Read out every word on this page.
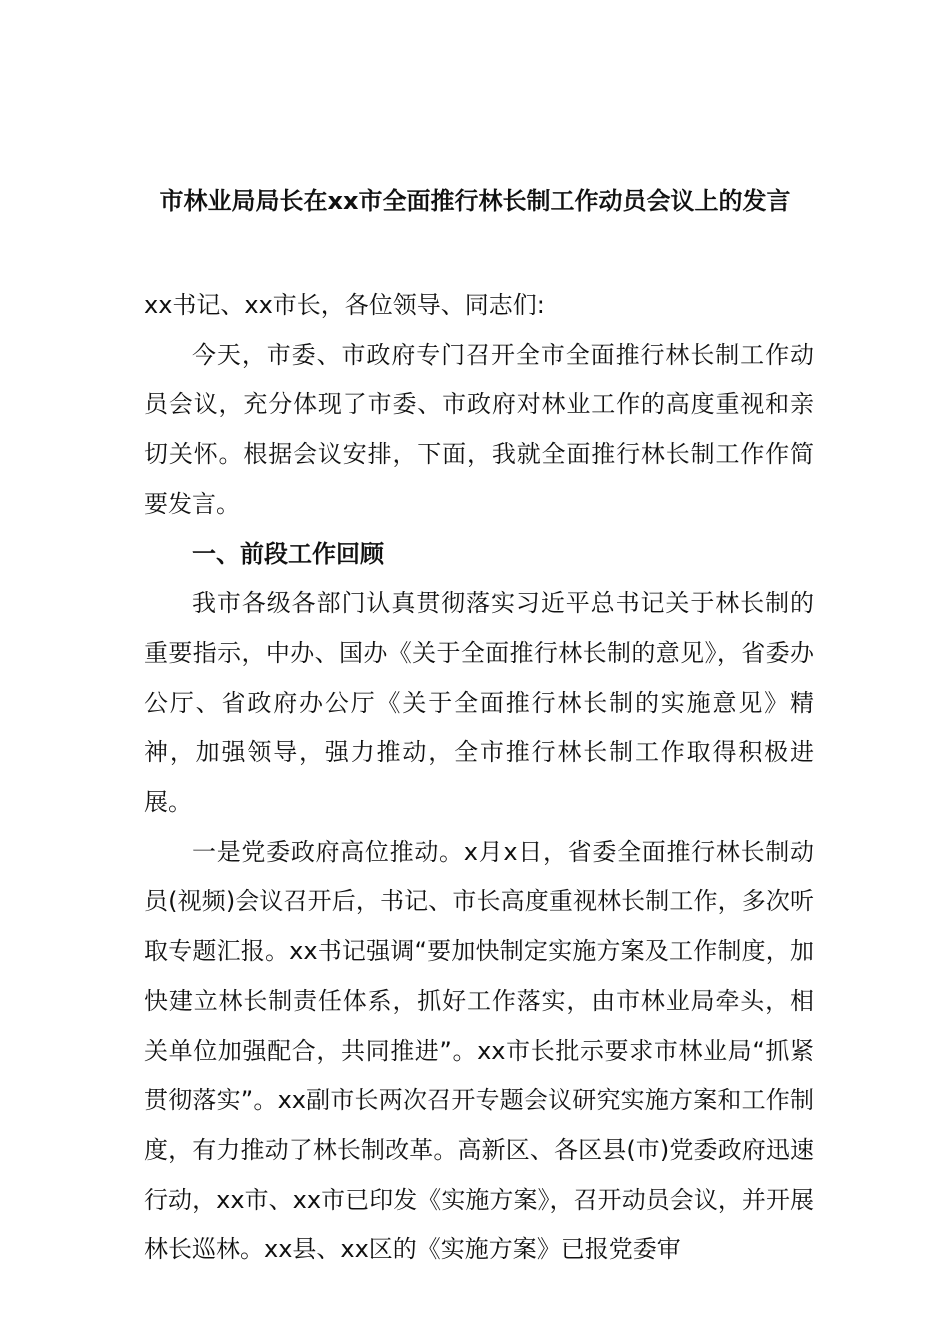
市林业局局长在xx市全面推行林长制工作动员会议上的发言

xx书记、xx市长，各位领导、同志们:

今天，市委、市政府专门召开全市全面推行林长制工作动员会议，充分体现了市委、市政府对林业工作的高度重视和亲切关怀。根据会议安排，下面，我就全面推行林长制工作作简要发言。

一、前段工作回顾

我市各级各部门认真贯彻落实习近平总书记关于林长制的重要指示，中办、国办《关于全面推行林长制的意见》，省委办公厅、省政府办公厅《关于全面推行林长制的实施意见》精神，加强领导，强力推动，全市推行林长制工作取得积极进展。

一是党委政府高位推动。x月x日，省委全面推行林长制动员(视频)会议召开后，书记、市长高度重视林长制工作，多次听取专题汇报。xx书记强调“要加快制定实施方案及工作制度，加快建立林长制责任体系，抓好工作落实，由市林业局牵头，相关单位加强配合，共同推进”。xx市长批示要求市林业局“抓紧贯彻落实”。xx副市长两次召开专题会议研究实施方案和工作制度，有力推动了林长制改革。高新区、各区县(市)党委政府迅速行动，xx市、xx市已印发《实施方案》，召开动员会议，并开展林长巡林。xx县、xx区的《实施方案》已报党委审
